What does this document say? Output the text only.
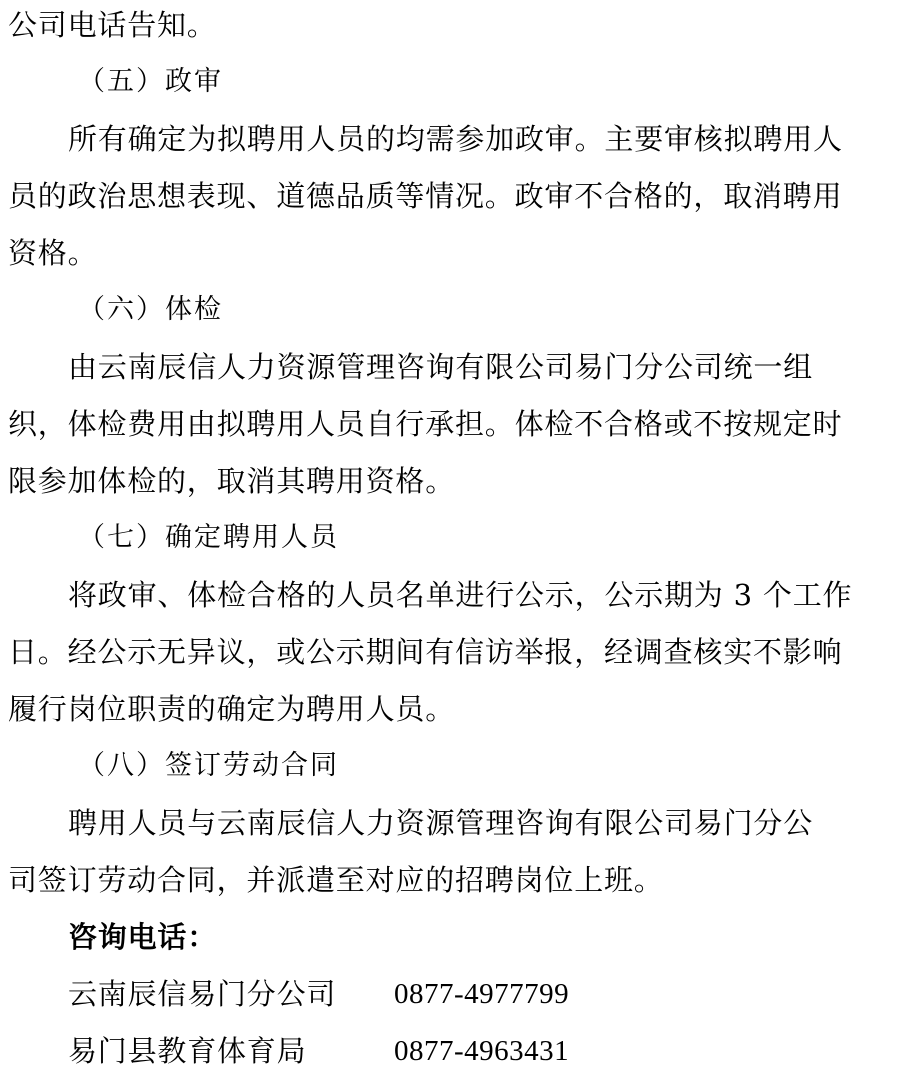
公司电话告知。
（五）政审
所有确定为拟聘用人员的均需参加政审。主要审核拟聘用人
员的政治思想表现、道德品质等情况。政审不合格的，取消聘用
资格。
（六）体检
由云南辰信人力资源管理咨询有限公司易门分公司统一组
织，体检费用由拟聘用人员自行承担。体检不合格或不按规定时
限参加体检的，取消其聘用资格。
（七）确定聘用人员
将政审、体检合格的人员名单进行公示，公示期为 3 个工作
日。经公示无异议，或公示期间有信访举报，经调查核实不影响
履行岗位职责的确定为聘用人员。
（八）签订劳动合同
聘用人员与云南辰信人力资源管理咨询有限公司易门分公
司签订劳动合同，并派遣至对应的招聘岗位上班。
咨询电话：
云南辰信易门分公司 0877-4977799
易门县教育体育局	0877-4963431
